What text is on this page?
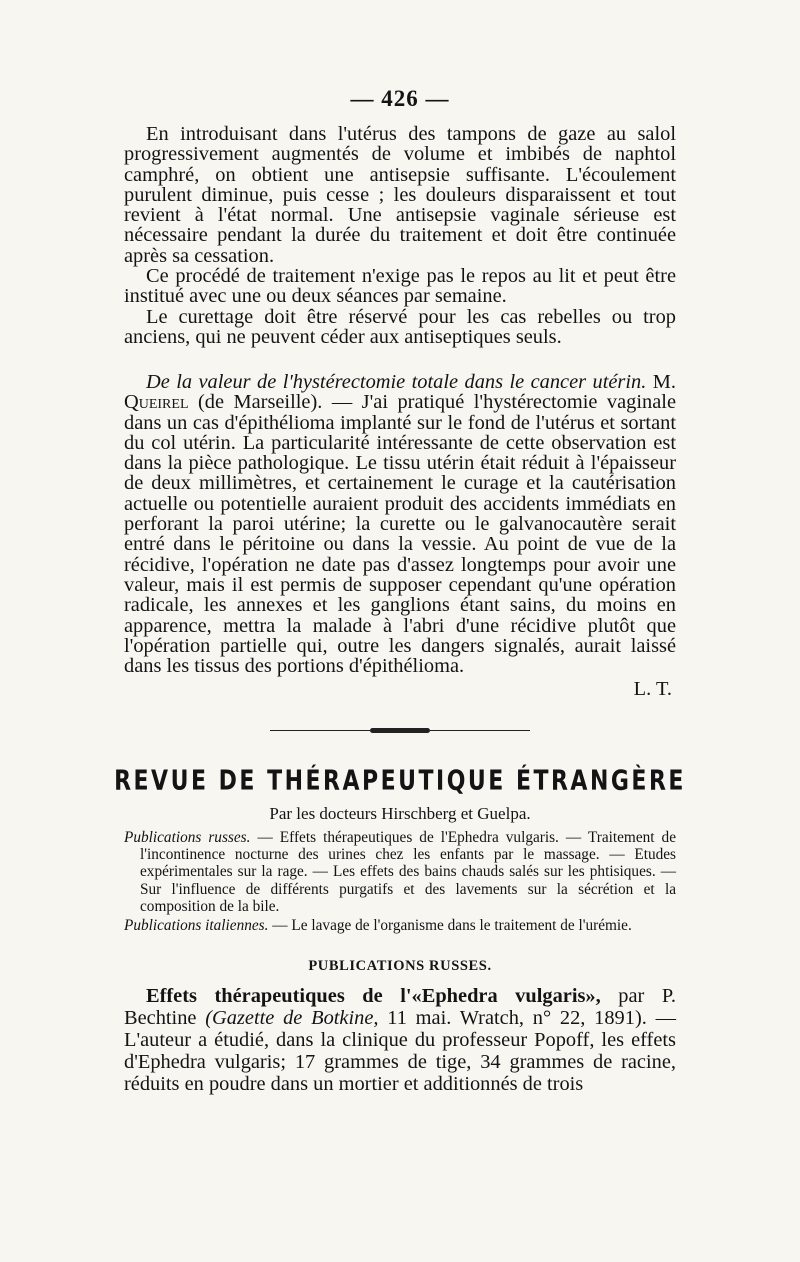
— 426 —

En introduisant dans l'utérus des tampons de gaze au salol progressivement augmentés de volume et imbibés de naphtol camphré, on obtient une antisepsie suffisante. L'écoulement purulent diminue, puis cesse ; les douleurs disparaissent et tout revient à l'état normal. Une antisepsie vaginale sérieuse est nécessaire pendant la durée du traitement et doit être continuée après sa cessation.

Ce procédé de traitement n'exige pas le repos au lit et peut être institué avec une ou deux séances par semaine.

Le curettage doit être réservé pour les cas rebelles ou trop anciens, qui ne peuvent céder aux antiseptiques seuls.

De la valeur de l'hystérectomie totale dans le cancer utérin. M. Queirel (de Marseille). — J'ai pratiqué l'hystérectomie vaginale dans un cas d'épithélioma implanté sur le fond de l'utérus et sortant du col utérin. La particularité intéressante de cette observation est dans la pièce pathologique. Le tissu utérin était réduit à l'épaisseur de deux millimètres, et certainement le curage et la cautérisation actuelle ou potentielle auraient produit des accidents immédiats en perforant la paroi utérine; la curette ou le galvanocautère serait entré dans le péritoine ou dans la vessie. Au point de vue de la récidive, l'opération ne date pas d'assez longtemps pour avoir une valeur, mais il est permis de supposer cependant qu'une opération radicale, les annexes et les ganglions étant sains, du moins en apparence, mettra la malade à l'abri d'une récidive plutôt que l'opération partielle qui, outre les dangers signalés, aurait laissé dans les tissus des portions d'épithélioma.

L. T.
REVUE DE THÉRAPEUTIQUE ÉTRANGÈRE
Par les docteurs Hirschberg et Guelpa.

Publications russes. — Effets thérapeutiques de l'Ephedra vulgaris. — Traitement de l'incontinence nocturne des urines chez les enfants par le massage. — Etudes expérimentales sur la rage. — Les effets des bains chauds salés sur les phtisiques. — Sur l'influence de différents purgatifs et des lavements sur la sécrétion et la composition de la bile.

Publications italiennes. — Le lavage de l'organisme dans le traitement de l'urémie.

PUBLICATIONS RUSSES.

Effets thérapeutiques de l'«Ephedra vulgaris», par P. Bechtine (Gazette de Botkine, 11 mai. Wratch, n° 22, 1891). — L'auteur a étudié, dans la clinique du professeur Popoff, les effets d'Ephedra vulgaris; 17 grammes de tige, 34 grammes de racine, réduits en poudre dans un mortier et additionnés de trois
